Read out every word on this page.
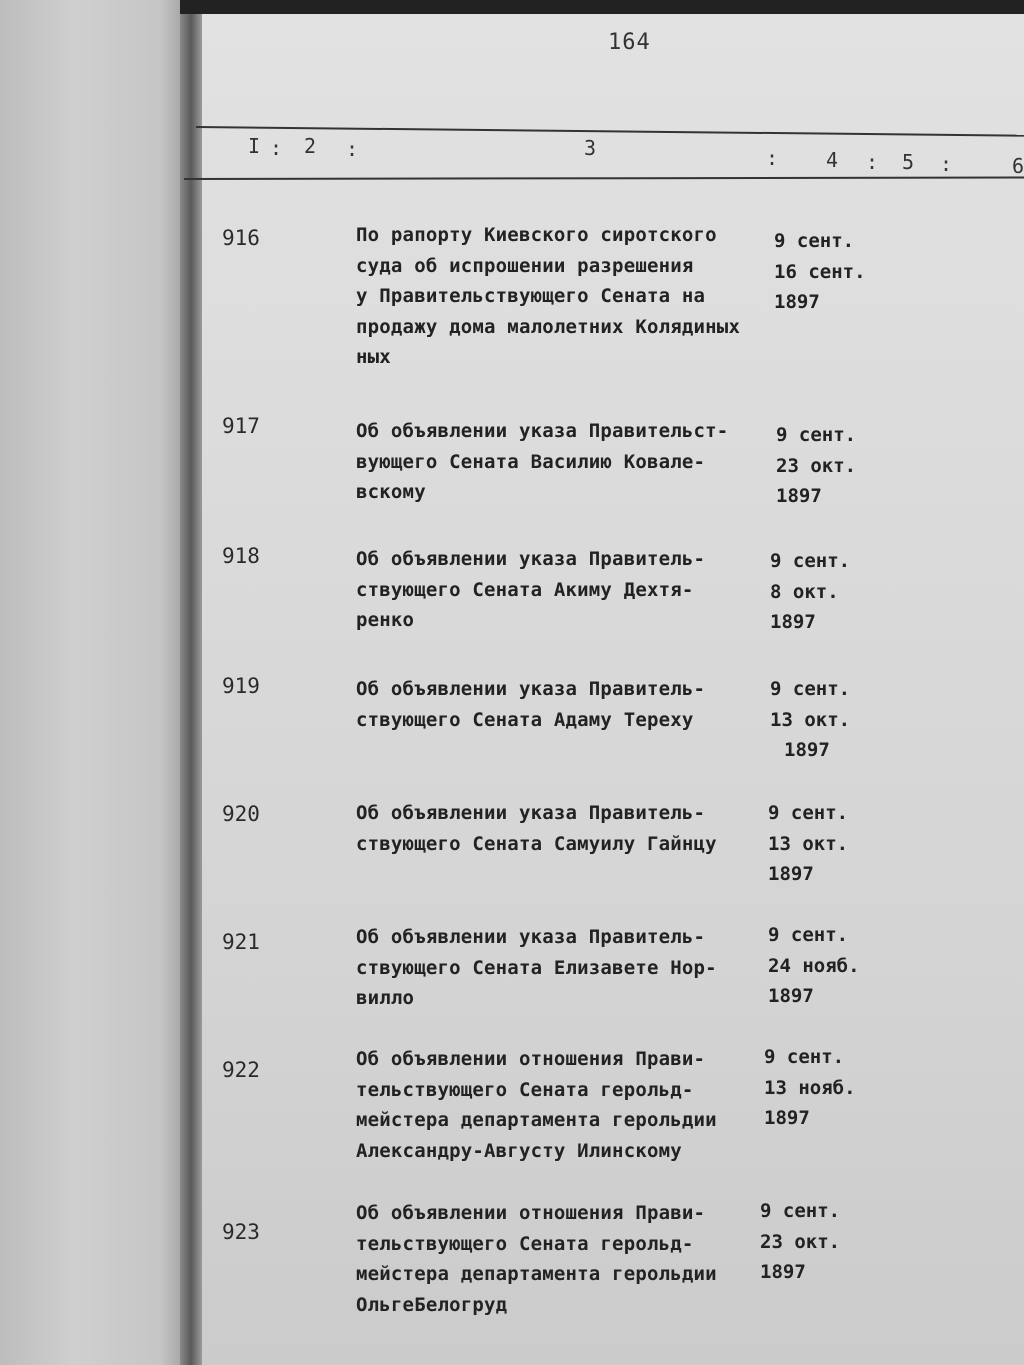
164
I : 2 :	3	: 4 : 5 :	6
916	По рапорту Киевского сиротского
суда об испрошении разрешения
у Правительствующего Сената на
продажу дома малолетних Колядиных
ных
9 сент.
16 сент.
1897
917	Об объявлении указа Правительст-
вующего Сената Василию Ковале-
вскому
9 сент.
23 окт.
1897
918	Об объявлении указа Правитель-
ствующего Сената Акиму Дехтя-
ренко
9 сент.
8 окт.
1897
919	Об объявлении указа Правитель-
ствующего Сената Адаму Тереху
9 сент.
13 окт.
1897
920	Об объявлении указа Правитель-
ствующего Сената Самуилу Гайнцу
9 сент.
13 окт.
1897
921	Об объявлении указа Правитель-
ствующего Сената Елизавете Нор-
вилло
9 сент.
24 нояб.
1897
922	Об объявлении отношения Прави-
тельствующего Сената герольд-
мейстера департамента герольдии
Александру-Августу Илинскому
9 сент.
13 нояб.
1897
923
Об объявлении отношения Прави-
тельствующего Сената герольд-
мейстера департамента герольдии
ОльгеБелогруд
9 сент.
23 окт.
1897
